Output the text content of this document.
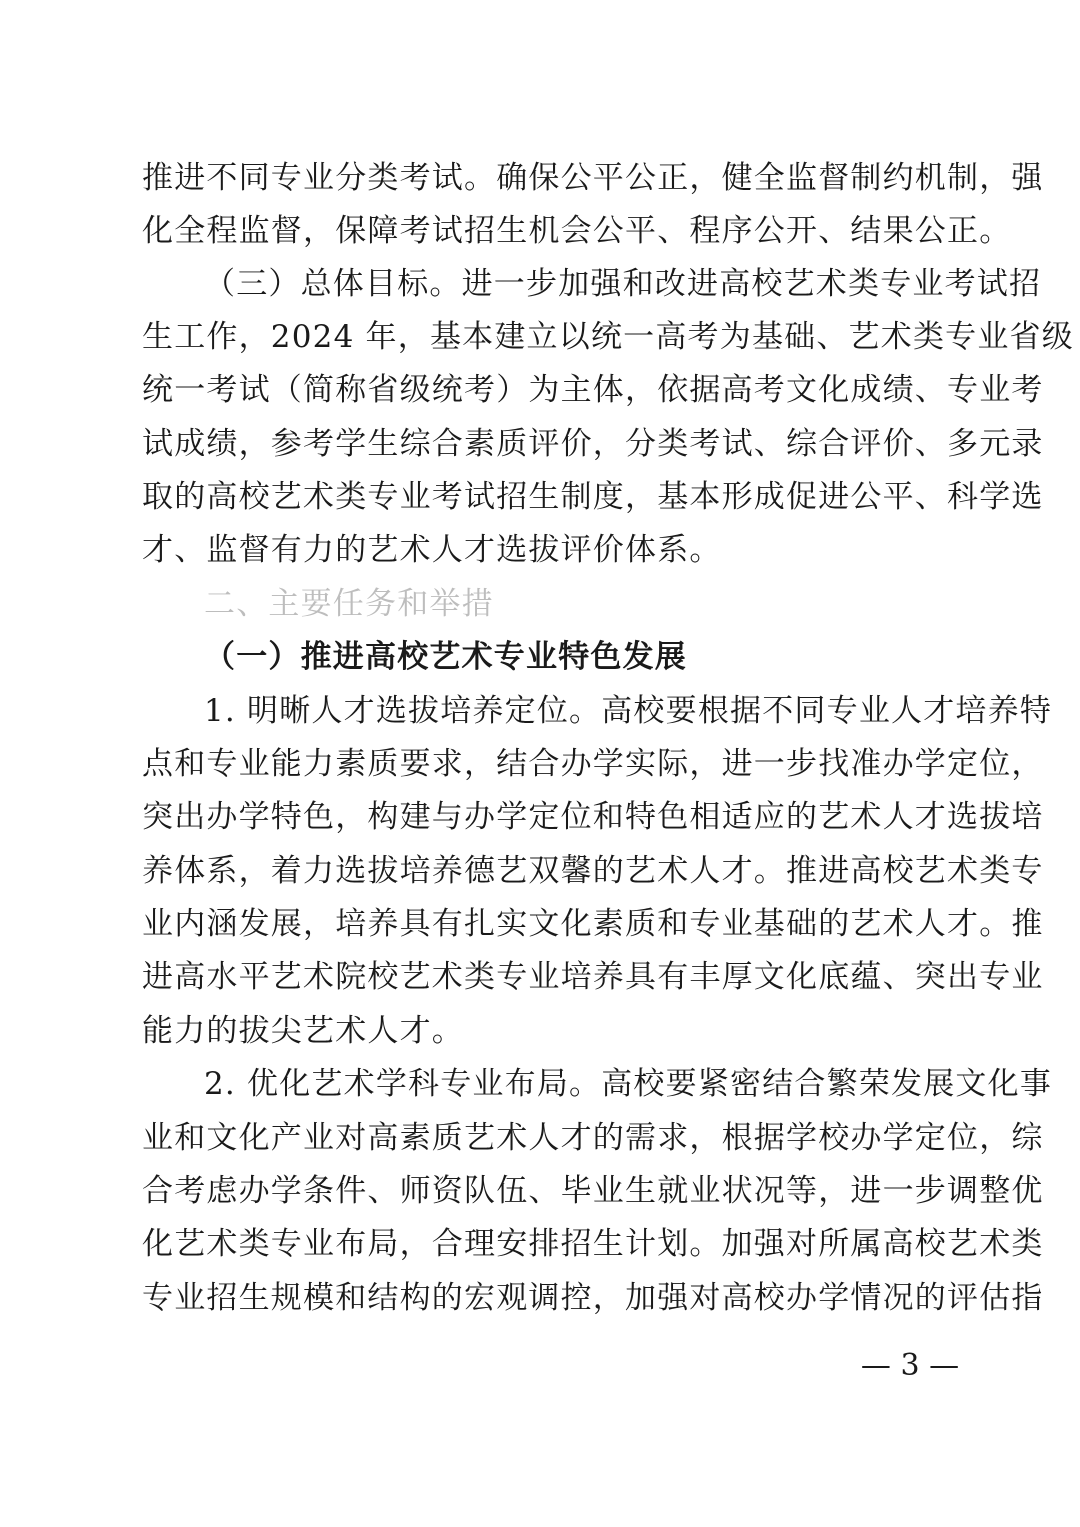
推进不同专业分类考试。确保公平公正，健全监督制约机制，强
化全程监督，保障考试招生机会公平、程序公开、结果公正。
（三）总体目标。进一步加强和改进高校艺术类专业考试招
生工作，2024 年，基本建立以统一高考为基础、艺术类专业省级
统一考试（简称省级统考）为主体，依据高考文化成绩、专业考
试成绩，参考学生综合素质评价，分类考试、综合评价、多元录
取的高校艺术类专业考试招生制度，基本形成促进公平、科学选
才、监督有力的艺术人才选拔评价体系。
二、主要任务和举措
（一）推进高校艺术专业特色发展
1. 明晰人才选拔培养定位。高校要根据不同专业人才培养特
点和专业能力素质要求，结合办学实际，进一步找准办学定位，
突出办学特色，构建与办学定位和特色相适应的艺术人才选拔培
养体系，着力选拔培养德艺双馨的艺术人才。推进高校艺术类专
业内涵发展，培养具有扎实文化素质和专业基础的艺术人才。推
进高水平艺术院校艺术类专业培养具有丰厚文化底蕴、突出专业
能力的拔尖艺术人才。
2. 优化艺术学科专业布局。高校要紧密结合繁荣发展文化事
业和文化产业对高素质艺术人才的需求，根据学校办学定位，综
合考虑办学条件、师资队伍、毕业生就业状况等，进一步调整优
化艺术类专业布局，合理安排招生计划。加强对所属高校艺术类
专业招生规模和结构的宏观调控，加强对高校办学情况的评估指
— 3 —
